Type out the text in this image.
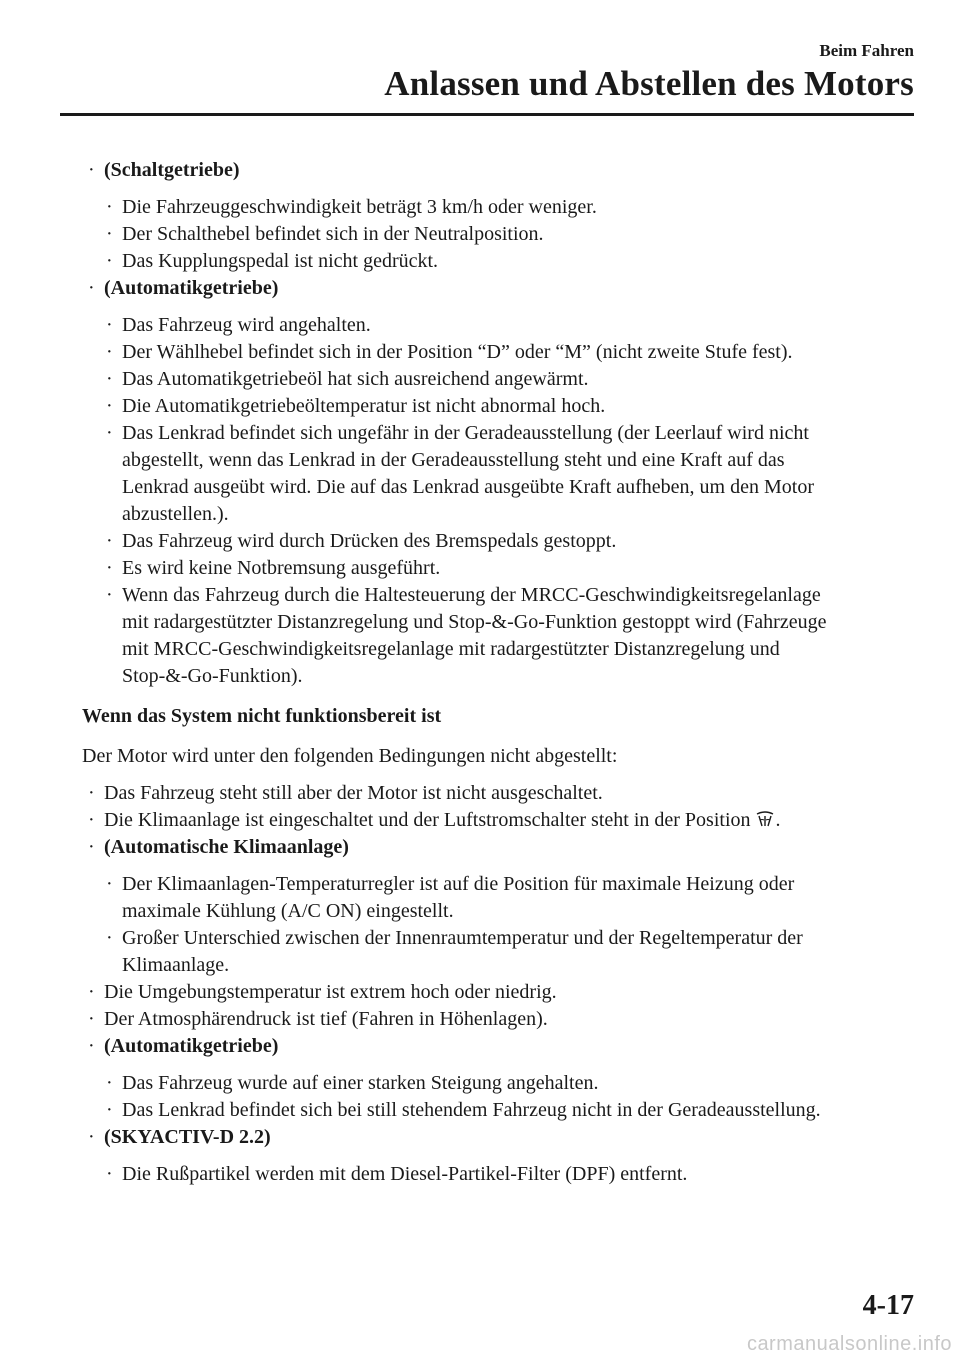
Beim Fahren
Anlassen und Abstellen des Motors
· (Schaltgetriebe)
· Die Fahrzeuggeschwindigkeit beträgt 3 km/h oder weniger.
· Der Schalthebel befindet sich in der Neutralposition.
· Das Kupplungspedal ist nicht gedrückt.
· (Automatikgetriebe)
· Das Fahrzeug wird angehalten.
· Der Wählhebel befindet sich in der Position “D” oder “M” (nicht zweite Stufe fest).
· Das Automatikgetriebeöl hat sich ausreichend angewärmt.
· Die Automatikgetriebeöltemperatur ist nicht abnormal hoch.
· Das Lenkrad befindet sich ungefähr in der Geradeausstellung (der Leerlauf wird nicht
abgestellt, wenn das Lenkrad in der Geradeausstellung steht und eine Kraft auf das
Lenkrad ausgeübt wird. Die auf das Lenkrad ausgeübte Kraft aufheben, um den Motor
abzustellen.).
· Das Fahrzeug wird durch Drücken des Bremspedals gestoppt.
· Es wird keine Notbremsung ausgeführt.
· Wenn das Fahrzeug durch die Haltesteuerung der MRCC-Geschwindigkeitsregelanlage
mit radargestützter Distanzregelung und Stop-&-Go-Funktion gestoppt wird (Fahrzeuge
mit MRCC-Geschwindigkeitsregelanlage mit radargestützter Distanzregelung und
Stop-&-Go-Funktion).
Wenn das System nicht funktionsbereit ist
Der Motor wird unter den folgenden Bedingungen nicht abgestellt:
· Das Fahrzeug steht still aber der Motor ist nicht ausgeschaltet.
· Die Klimaanlage ist eingeschaltet und der Luftstromschalter steht in der Position .
· (Automatische Klimaanlage)
· Der Klimaanlagen-Temperaturregler ist auf die Position für maximale Heizung oder
maximale Kühlung (A/C ON) eingestellt.
· Großer Unterschied zwischen der Innenraumtemperatur und der Regeltemperatur der
Klimaanlage.
· Die Umgebungstemperatur ist extrem hoch oder niedrig.
· Der Atmosphärendruck ist tief (Fahren in Höhenlagen).
· (Automatikgetriebe)
· Das Fahrzeug wurde auf einer starken Steigung angehalten.
· Das Lenkrad befindet sich bei still stehendem Fahrzeug nicht in der Geradeausstellung.
· (SKYACTIV-D 2.2)
· Die Rußpartikel werden mit dem Diesel-Partikel-Filter (DPF) entfernt.
4-17
carmanualsonline.info
